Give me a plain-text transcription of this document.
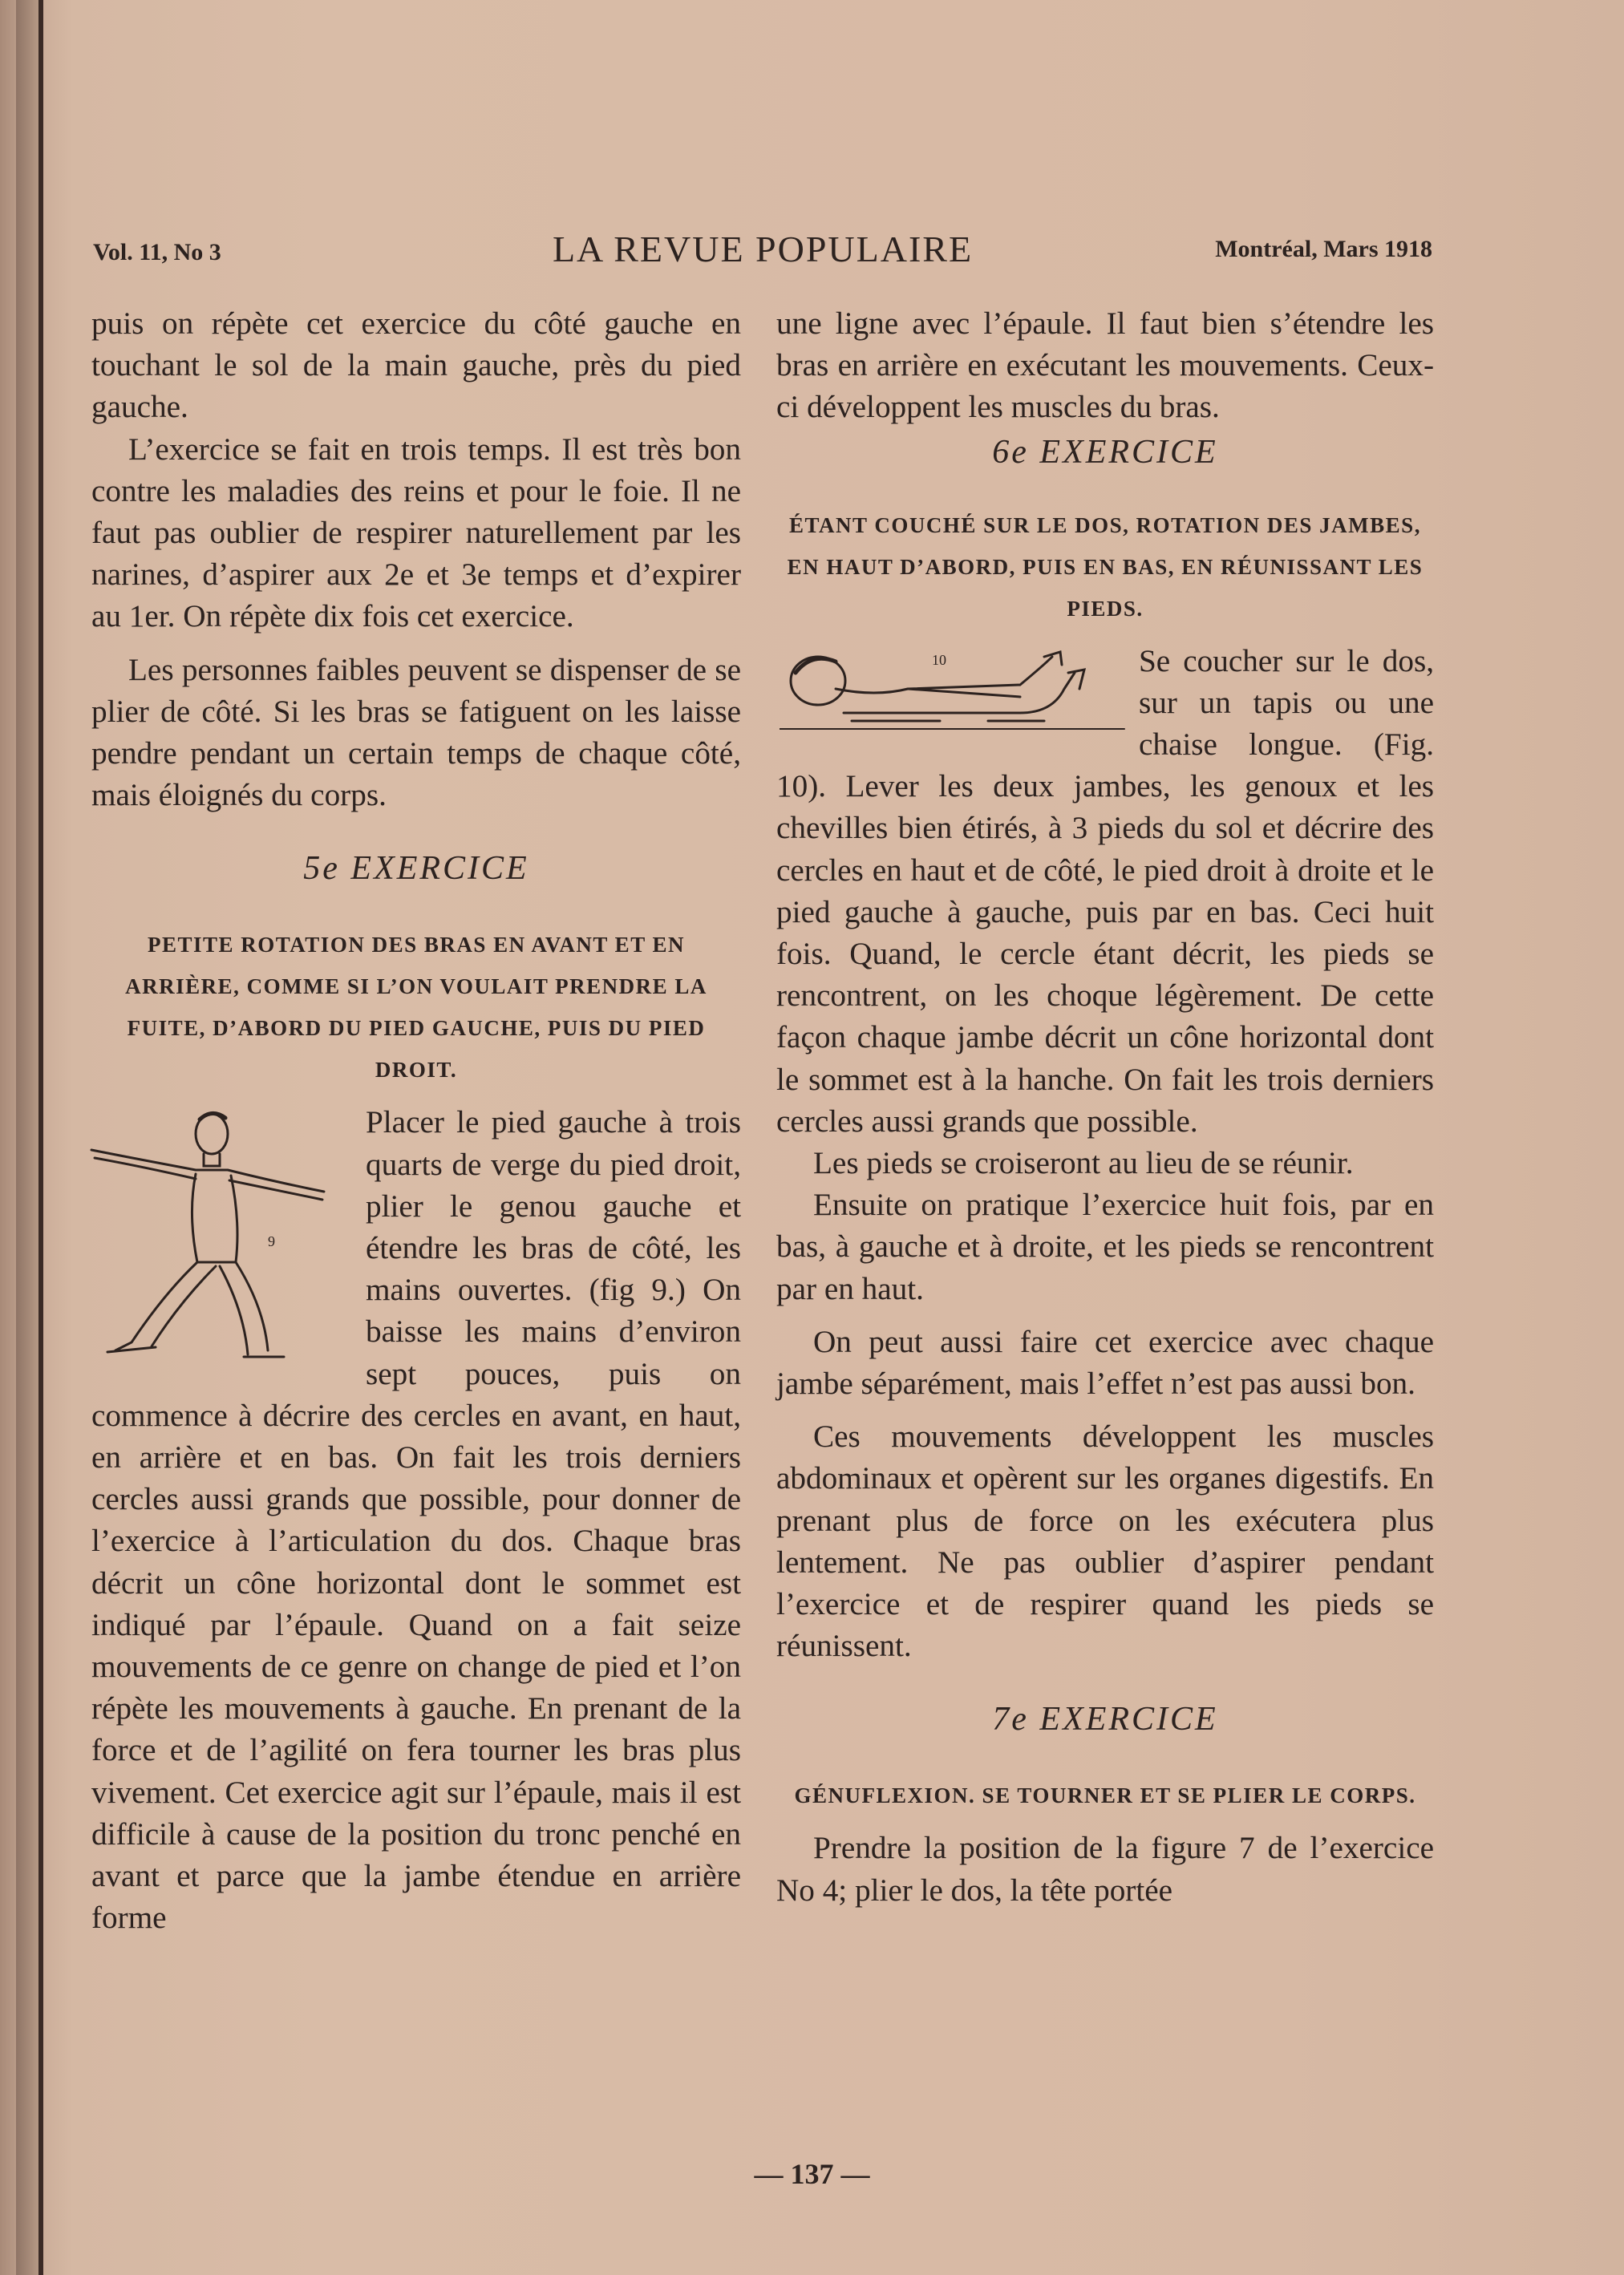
Vol. 11, No 3	LA REVUE POPULAIRE	Montréal, Mars 1918

puis on répète cet exercice du côté gauche en touchant le sol de la main gauche, près du pied gauche.

L’exercice se fait en trois temps. Il est très bon contre les maladies des reins et pour le foie. Il ne faut pas oublier de respirer naturellement par les narines, d’aspirer aux 2e et 3e temps et d’expirer au 1er. On répète dix fois cet exercice.

Les personnes faibles peuvent se dispenser de se plier de côté. Si les bras se fatiguent on les laisse pendre pendant un certain temps de chaque côté, mais éloignés du corps.

5e EXERCICE
PETITE ROTATION DES BRAS EN AVANT ET EN ARRIÈRE, COMME SI L’ON VOULAIT PRENDRE LA FUITE, D’ABORD DU PIED GAUCHE, PUIS DU PIED DROIT.
9

Placer le pied gauche à trois quarts de verge du pied droit, plier le genou gauche et étendre les bras de côté, les mains ouvertes. (fig 9.) On baisse les mains d’environ sept pouces, puis on commence à décrire des cercles en avant, en haut, en arrière et en bas. On fait les trois derniers cercles aussi grands que possible, pour donner de l’exercice à l’articulation du dos. Chaque bras décrit un cône horizontal dont le sommet est indiqué par l’épaule. Quand on a fait seize mouvements de ce genre on change de pied et l’on répète les mouvements à gauche. En prenant de la force et de l’agilité on fera tourner les bras plus vivement. Cet exercice agit sur l’épaule, mais il est difficile à cause de la position du tronc penché en avant et parce que la jambe étendue en arrière forme

une ligne avec l’épaule. Il faut bien s’étendre les bras en arrière en exécutant les mouvements. Ceux-ci développent les muscles du bras.

6e EXERCICE
ÉTANT COUCHÉ SUR LE DOS, ROTATION DES JAMBES, EN HAUT D’ABORD, PUIS EN BAS, EN RÉUNISSANT LES PIEDS.
10	Se coucher sur le dos, sur un tapis ou une chaise longue. (Fig. 10). Lever les deux jambes, les genoux et les chevilles bien étirés, à 3 pieds du sol et décrire des cercles en haut et de côté, le pied droit à droite et le pied gauche à gauche, puis par en bas. Ceci huit fois. Quand, le cercle étant décrit, les pieds se rencontrent, on les choque légèrement. De cette façon chaque jambe décrit un cône horizontal dont le sommet est à la hanche. On fait les trois derniers cercles aussi grands que possible.

Les pieds se croiseront au lieu de se réunir.

Ensuite on pratique l’exercice huit fois, par en bas, à gauche et à droite, et les pieds se rencontrent par en haut.

On peut aussi faire cet exercice avec chaque jambe séparément, mais l’effet n’est pas aussi bon.

Ces mouvements développent les muscles abdominaux et opèrent sur les organes digestifs. En prenant plus de force on les exécutera plus lentement. Ne pas oublier d’aspirer pendant l’exercice et de respirer quand les pieds se réunissent.

7e EXERCICE
GÉNUFLEXION. SE TOURNER ET SE PLIER LE CORPS.

Prendre la position de la figure 7 de l’exercice No 4; plier le dos, la tête portée

— 137 —
